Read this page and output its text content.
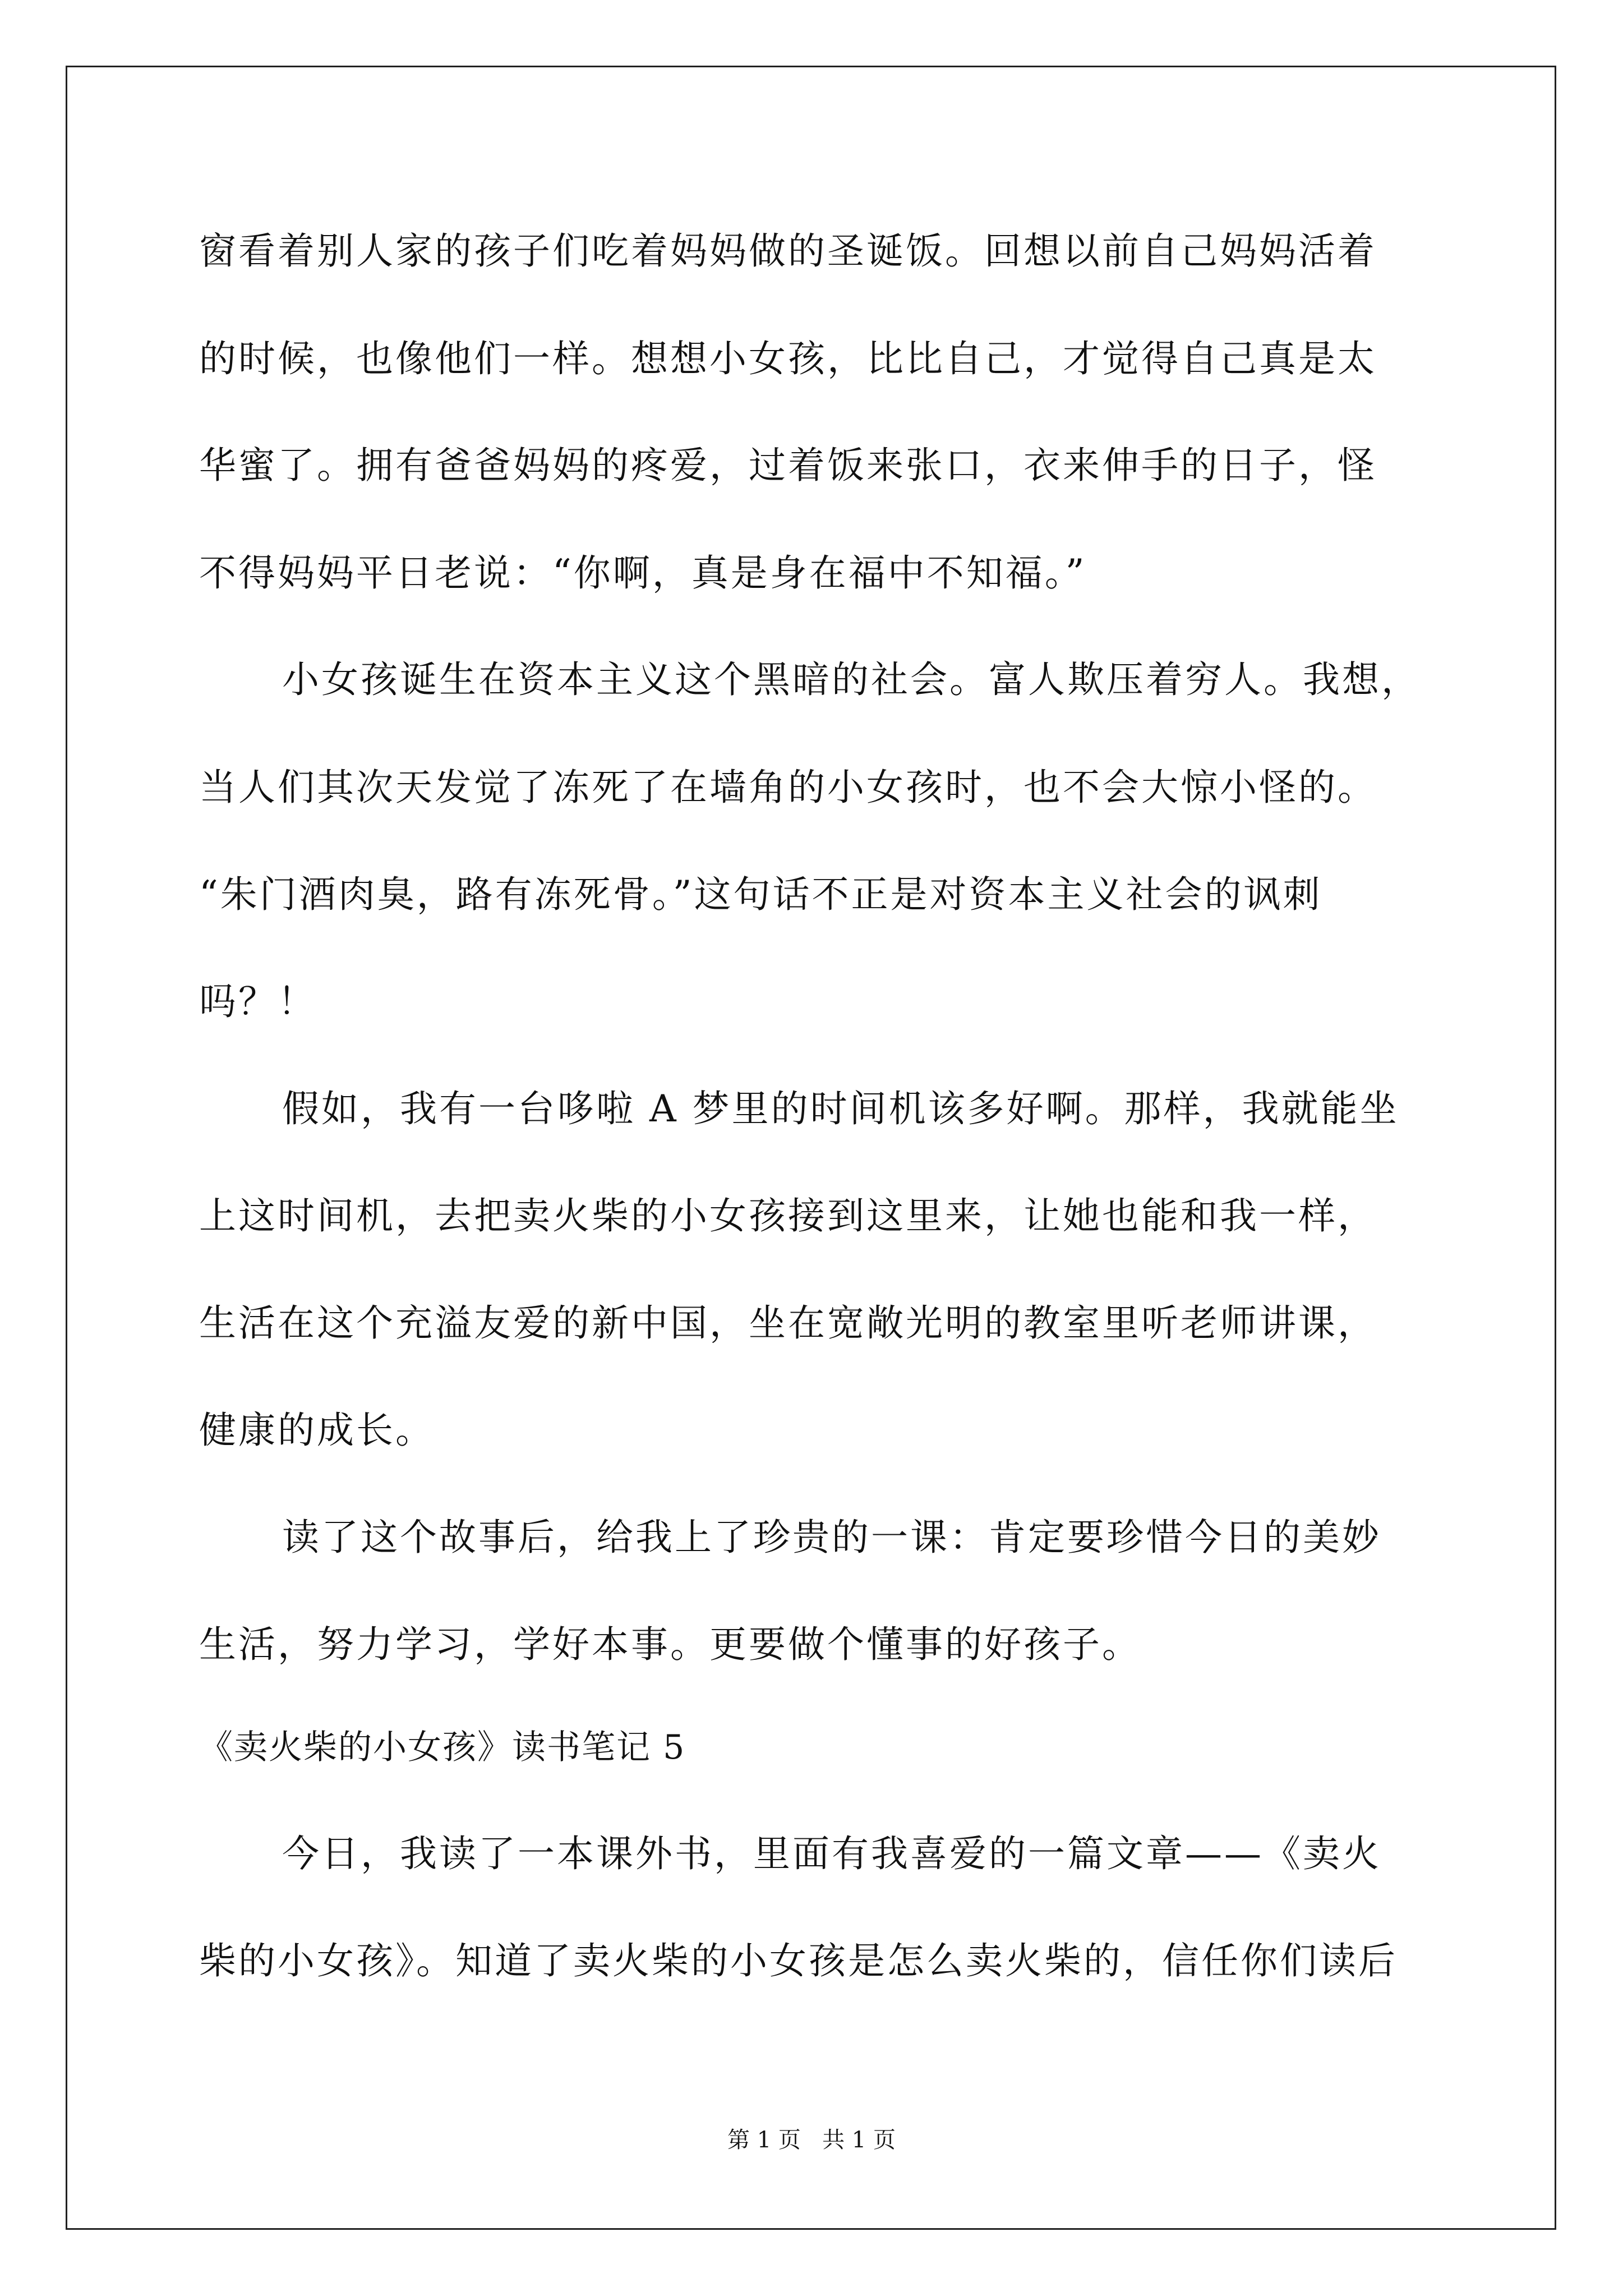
窗看着别人家的孩子们吃着妈妈做的圣诞饭。回想以前自己妈妈活着
的时候，也像他们一样。想想小女孩，比比自己，才觉得自己真是太
华蜜了。拥有爸爸妈妈的疼爱，过着饭来张口，衣来伸手的日子，怪
不得妈妈平日老说：“你啊，真是身在福中不知福。”
小女孩诞生在资本主义这个黑暗的社会。富人欺压着穷人。我想，
当人们其次天发觉了冻死了在墙角的小女孩时，也不会大惊小怪的。
“朱门酒肉臭，路有冻死骨。”这句话不正是对资本主义社会的讽刺
吗？！
假如，我有一台哆啦 A 梦里的时间机该多好啊。那样，我就能坐
上这时间机，去把卖火柴的小女孩接到这里来，让她也能和我一样，
生活在这个充溢友爱的新中国，坐在宽敞光明的教室里听老师讲课，
健康的成长。
读了这个故事后，给我上了珍贵的一课：肯定要珍惜今日的美妙
生活，努力学习，学好本事。更要做个懂事的好孩子。
《卖火柴的小女孩》读书笔记 5
今日，我读了一本课外书，里面有我喜爱的一篇文章——《卖火
柴的小女孩》。知道了卖火柴的小女孩是怎么卖火柴的，信任你们读后
第 1 页   共 1 页
